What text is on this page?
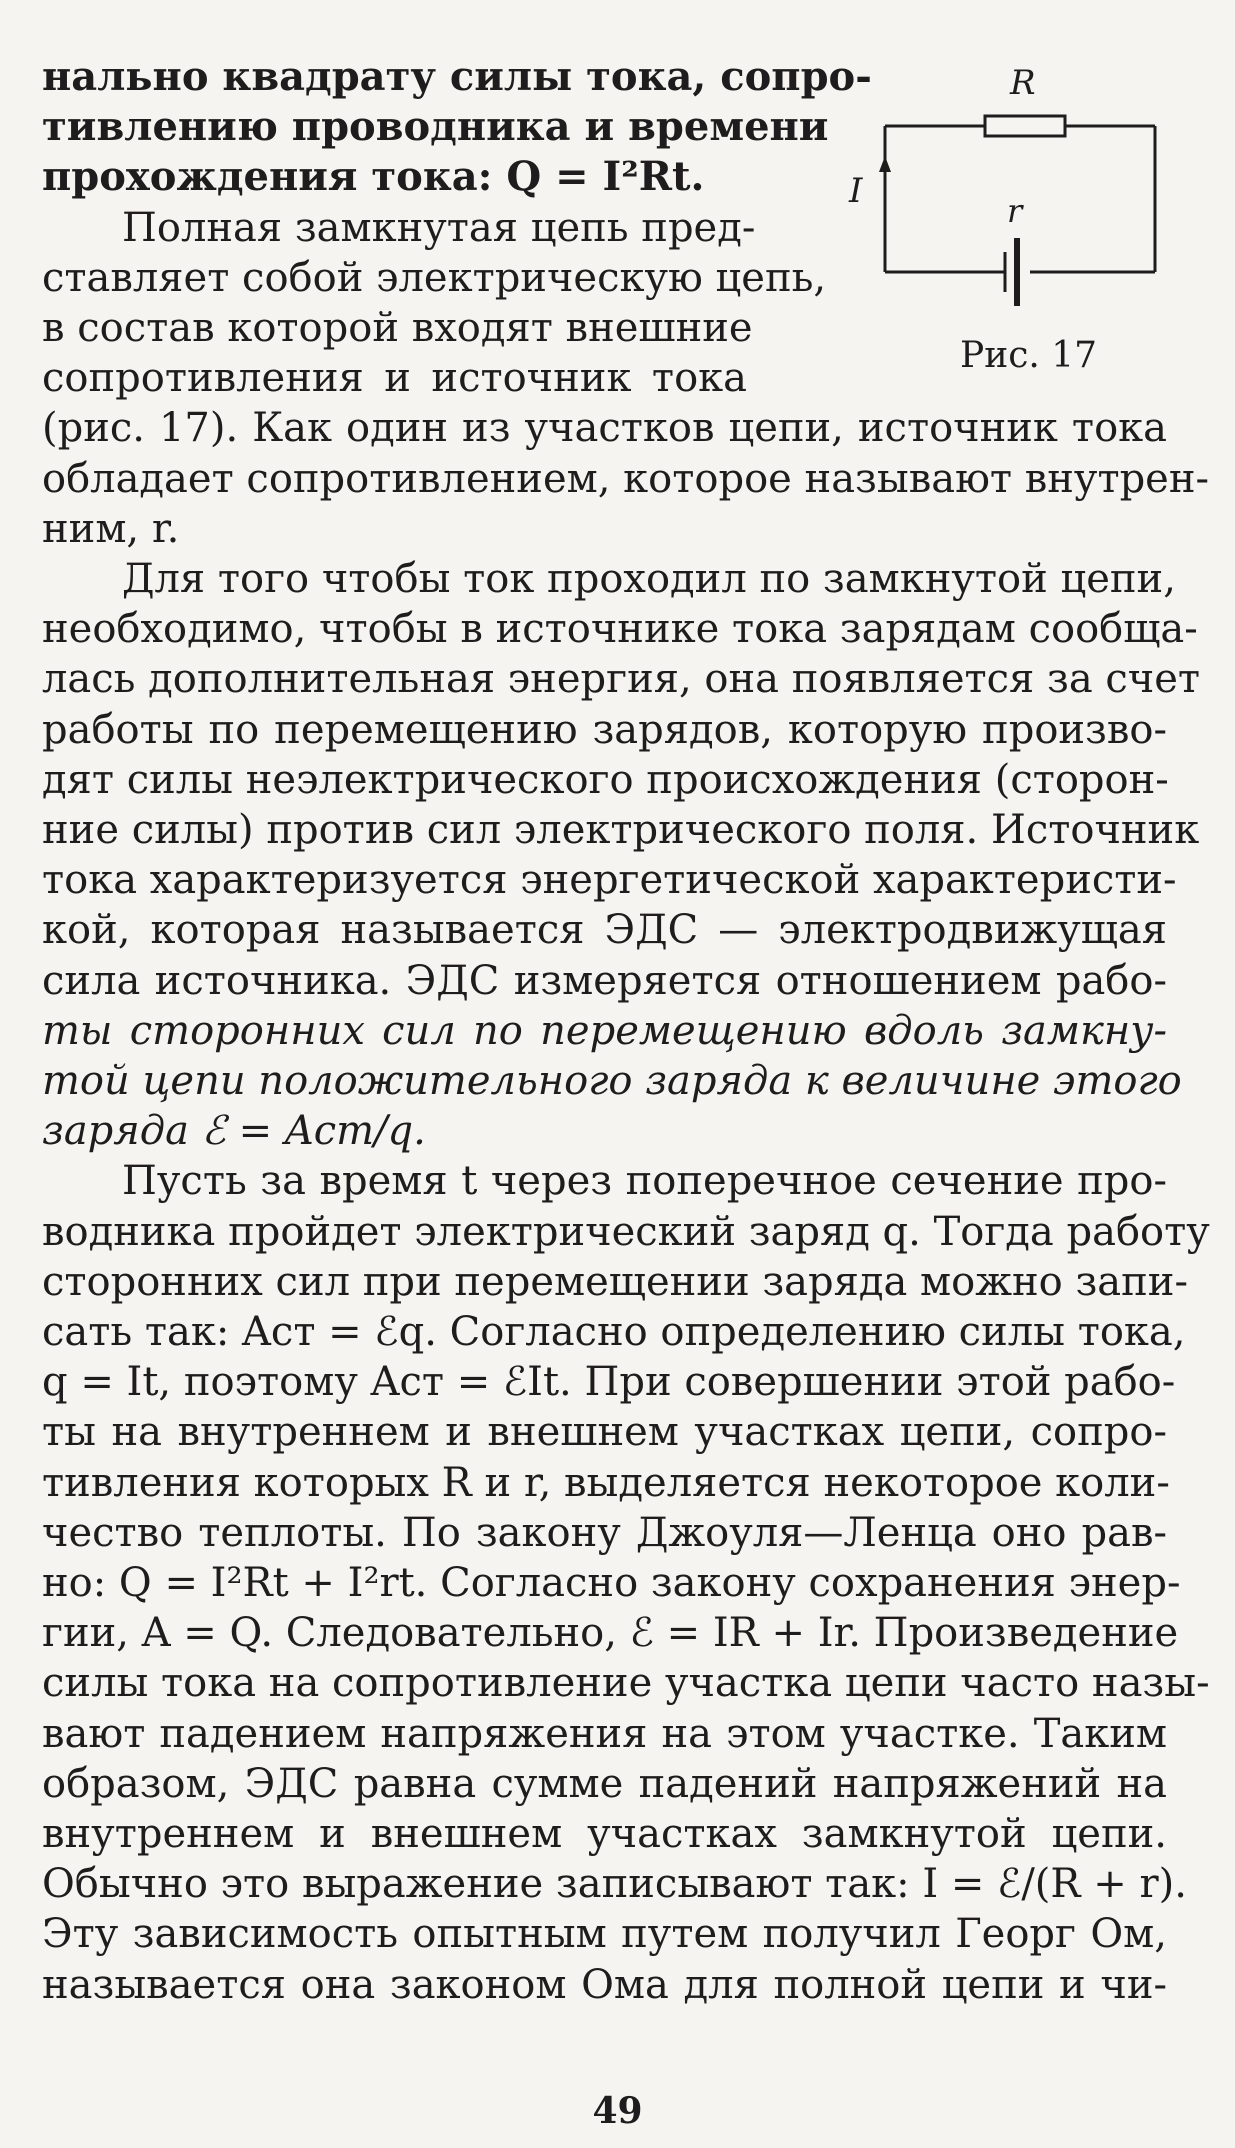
нально квадрату силы тока, сопро-
тивлению проводника и времени
прохождения тока: Q = I²Rt.
Полная замкнутая цепь пред-
ставляет собой электрическую цепь,
в состав которой входят внешние
сопротивления и источник тока
(рис. 17). Как один из участков цепи, источник тока
обладает сопротивлением, которое называют внутрен-
ним, r.
Для того чтобы ток проходил по замкнутой цепи,
необходимо, чтобы в источнике тока зарядам сообща-
лась дополнительная энергия, она появляется за счет
работы по перемещению зарядов, которую произво-
дят силы неэлектрического происхождения (сторон-
ние силы) против сил электрического поля. Источник
тока характеризуется энергетической характеристи-
кой, которая называется ЭДС — электродвижущая
сила источника. ЭДС измеряется отношением рабо-
ты сторонних сил по перемещению вдоль замкну-
той цепи положительного заряда к величине этого
заряда ℰ = Aст/q.
Пусть за время t через поперечное сечение про-
водника пройдет электрический заряд q. Тогда работу
сторонних сил при перемещении заряда можно запи-
сать так: Aст = ℰq. Согласно определению силы тока,
q = It, поэтому Aст = ℰIt. При совершении этой рабо-
ты на внутреннем и внешнем участках цепи, сопро-
тивления которых R и r, выделяется некоторое коли-
чество теплоты. По закону Джоуля—Ленца оно рав-
но: Q = I²Rt + I²rt. Согласно закону сохранения энер-
гии, A = Q. Следовательно, ℰ = IR + Ir. Произведение
силы тока на сопротивление участка цепи часто назы-
вают падением напряжения на этом участке. Таким
образом, ЭДС равна сумме падений напряжений на
внутреннем и внешнем участках замкнутой цепи.
Обычно это выражение записывают так: I = ℰ/(R + r).
Эту зависимость опытным путем получил Георг Ом,
называется она законом Ома для полной цепи и чи-
R
I	r
Рис. 17
49
